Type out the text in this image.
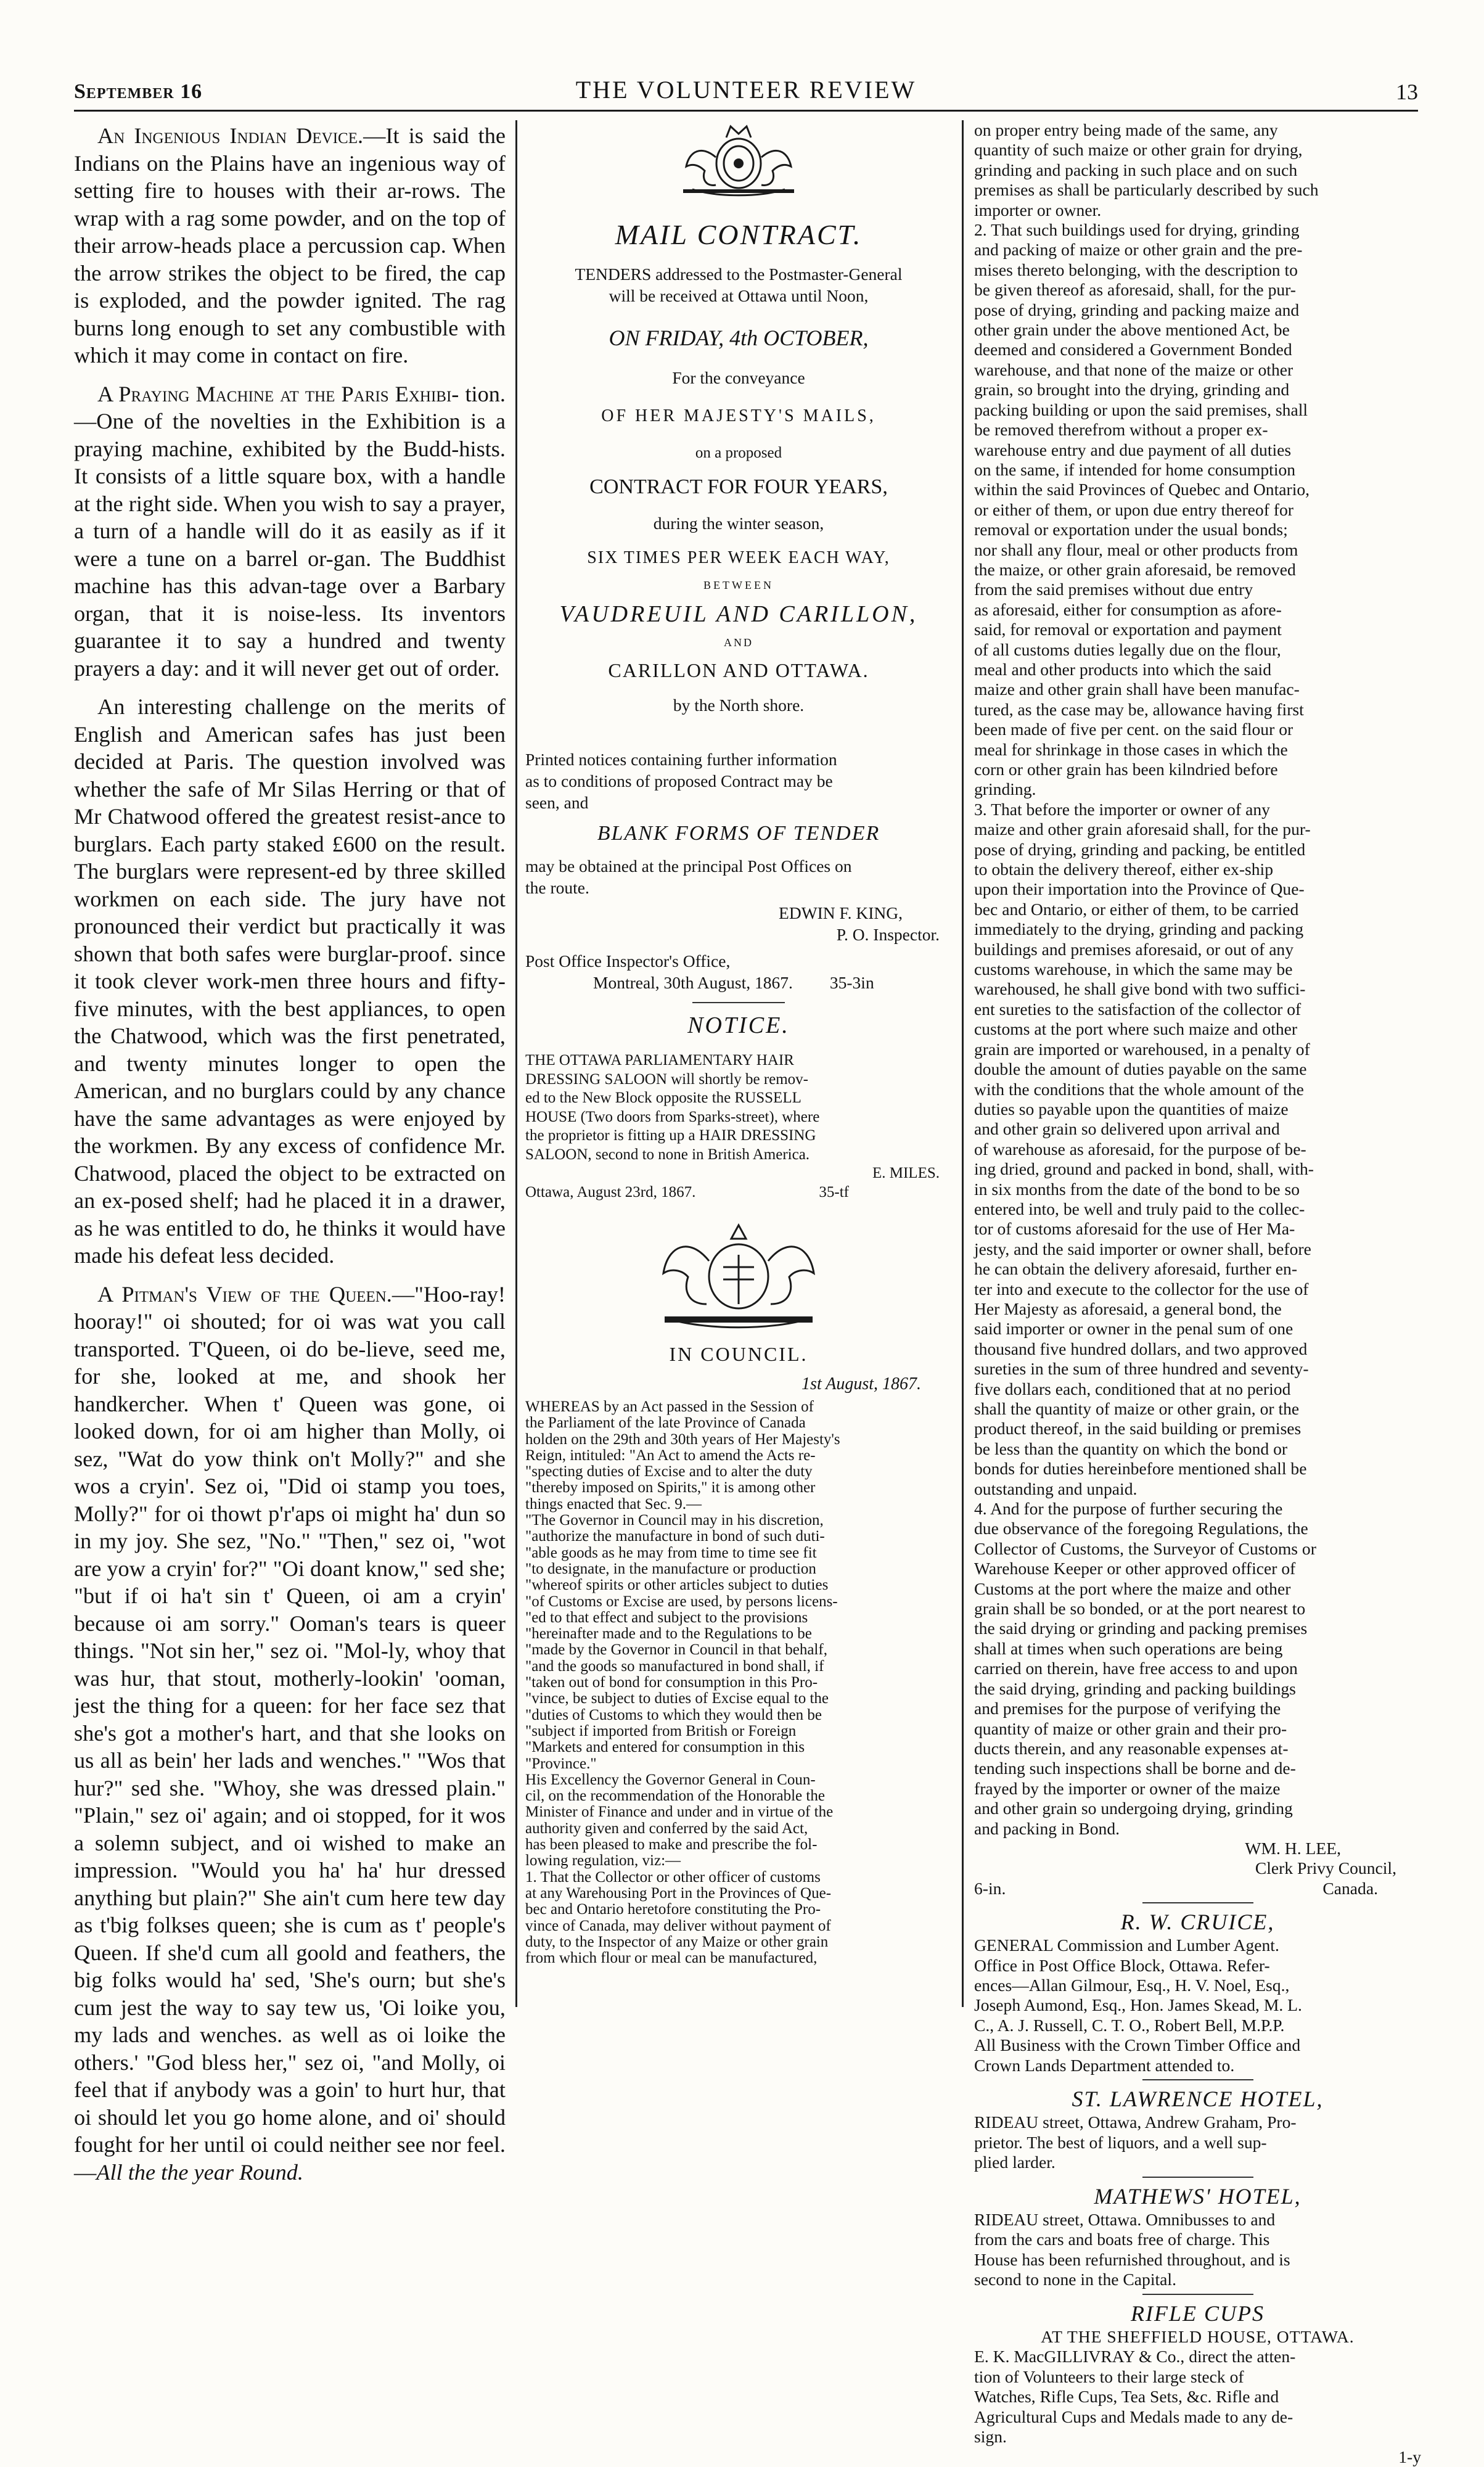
September 16	THE VOLUNTEER REVIEW	13

An Ingenious Indian Device.—It is said the Indians on the Plains have an ingenious way of setting fire to houses with their ar-rows. The wrap with a rag some powder, and on the top of their arrow-heads place a percussion cap. When the arrow strikes the object to be fired, the cap is exploded, and the powder ignited. The rag burns long enough to set any combustible with which it may come in contact on fire.

A Praying Machine at the Paris Exhibi- tion.—One of the novelties in the Exhibition is a praying machine, exhibited by the Budd-hists. It consists of a little square box, with a handle at the right side. When you wish to say a prayer, a turn of a handle will do it as easily as if it were a tune on a barrel or-gan. The Buddhist machine has this advan-tage over a Barbary organ, that it is noise-less. Its inventors guarantee it to say a hundred and twenty prayers a day: and it will never get out of order.

An interesting challenge on the merits of English and American safes has just been decided at Paris. The question involved was whether the safe of Mr Silas Herring or that of Mr Chatwood offered the greatest resist-ance to burglars. Each party staked £600 on the result. The burglars were represent-ed by three skilled workmen on each side. The jury have not pronounced their verdict but practically it was shown that both safes were burglar-proof. since it took clever work-men three hours and fifty-five minutes, with the best appliances, to open the Chatwood, which was the first penetrated, and twenty minutes longer to open the American, and no burglars could by any chance have the same advantages as were enjoyed by the workmen. By any excess of confidence Mr. Chatwood, placed the object to be extracted on an ex-posed shelf; had he placed it in a drawer, as he was entitled to do, he thinks it would have made his defeat less decided.

A Pitman's View of the Queen.—"Hoo-ray! hooray!" oi shouted; for oi was wat you call transported. T'Queen, oi do be-lieve, seed me, for she, looked at me, and shook her handkercher. When t' Queen was gone, oi looked down, for oi am higher than Molly, oi sez, "Wat do yow think on't Molly?" and she wos a cryin'. Sez oi, "Did oi stamp you toes, Molly?" for oi thowt p'r'aps oi might ha' dun so in my joy. She sez, "No." "Then," sez oi, "wot are yow a cryin' for?" "Oi doant know," sed she; "but if oi ha't sin t' Queen, oi am a cryin' because oi am sorry." Ooman's tears is queer things. "Not sin her," sez oi. "Mol-ly, whoy that was hur, that stout, motherly-lookin' 'ooman, jest the thing for a queen: for her face sez that she's got a mother's hart, and that she looks on us all as bein' her lads and wenches." "Wos that hur?" sed she. "Whoy, she was dressed plain." "Plain," sez oi' again; and oi stopped, for it wos a solemn subject, and oi wished to make an impression. "Would you ha' ha' hur dressed anything but plain?" She ain't cum here tew day as t'big folkses queen; she is cum as t' people's Queen. If she'd cum all goold and feathers, the big folks would ha' sed, 'She's ourn; but she's cum jest the way to say tew us, 'Oi loike you, my lads and wenches. as well as oi loike the others.' "God bless her," sez oi, "and Molly, oi feel that if anybody was a goin' to hurt hur, that oi should let you go home alone, and oi' should fought for her until oi could neither see nor feel.—All the the year Round.

MAIL CONTRACT.
TENDERS addressed to the Postmaster-General
will be received at Ottawa until Noon,
ON FRIDAY, 4th OCTOBER,
For the conveyance
OF HER MAJESTY'S MAILS,
on a proposed
CONTRACT FOR FOUR YEARS,
during the winter season,
SIX TIMES PER WEEK EACH WAY,
BETWEEN
VAUDREUIL AND CARILLON,
AND
CARILLON AND OTTAWA.
by the North shore.
Printed notices containing further information
as to conditions of proposed Contract may be
seen, and
BLANK FORMS OF TENDER
may be obtained at the principal Post Offices on
the route.
EDWIN F. KING,
P. O. Inspector.
Post Office Inspector's Office,
Montreal, 30th August, 1867. 35-3in
NOTICE.
THE OTTAWA PARLIAMENTARY HAIR
DRESSING SALOON will shortly be remov-
ed to the New Block opposite the RUSSELL
HOUSE (Two doors from Sparks-street), where
the proprietor is fitting up a HAIR DRESSING
SALOON, second to none in British America.
E. MILES.
Ottawa, August 23rd, 1867.	35-tf
IN COUNCIL.
1st August, 1867.
WHEREAS by an Act passed in the Session of
the Parliament of the late Province of Canada
holden on the 29th and 30th years of Her Majesty's
Reign, intituled: "An Act to amend the Acts re-
"specting duties of Excise and to alter the duty
"thereby imposed on Spirits," it is among other
things enacted that Sec. 9.—
"The Governor in Council may in his discretion,
"authorize the manufacture in bond of such duti-
"able goods as he may from time to time see fit
"to designate, in the manufacture or production
"whereof spirits or other articles subject to duties
"of Customs or Excise are used, by persons licens-
"ed to that effect and subject to the provisions
"hereinafter made and to the Regulations to be
"made by the Governor in Council in that behalf,
"and the goods so manufactured in bond shall, if
"taken out of bond for consumption in this Pro-
"vince, be subject to duties of Excise equal to the
"duties of Customs to which they would then be
"subject if imported from British or Foreign
"Markets and entered for consumption in this
"Province."
His Excellency the Governor General in Coun-
cil, on the recommendation of the Honorable the
Minister of Finance and under and in virtue of the
authority given and conferred by the said Act,
has been pleased to make and prescribe the fol-
lowing regulation, viz:—
1. That the Collector or other officer of customs
at any Warehousing Port in the Provinces of Que-
bec and Ontario heretofore constituting the Pro-
vince of Canada, may deliver without payment of
duty, to the Inspector of any Maize or other grain
from which flour or meal can be manufactured,

on proper entry being made of the same, any
quantity of such maize or other grain for drying,
grinding and packing in such place and on such
premises as shall be particularly described by such
importer or owner.
2. That such buildings used for drying, grinding
and packing of maize or other grain and the pre-
mises thereto belonging, with the description to
be given thereof as aforesaid, shall, for the pur-
pose of drying, grinding and packing maize and
other grain under the above mentioned Act, be
deemed and considered a Government Bonded
warehouse, and that none of the maize or other
grain, so brought into the drying, grinding and
packing building or upon the said premises, shall
be removed therefrom without a proper ex-
warehouse entry and due payment of all duties
on the same, if intended for home consumption
within the said Provinces of Quebec and Ontario,
or either of them, or upon due entry thereof for
removal or exportation under the usual bonds;
nor shall any flour, meal or other products from
the maize, or other grain aforesaid, be removed
from the said premises without due entry
as aforesaid, either for consumption as afore-
said, for removal or exportation and payment
of all customs duties legally due on the flour,
meal and other products into which the said
maize and other grain shall have been manufac-
tured, as the case may be, allowance having first
been made of five per cent. on the said flour or
meal for shrinkage in those cases in which the
corn or other grain has been kilndried before
grinding.
3. That before the importer or owner of any
maize and other grain aforesaid shall, for the pur-
pose of drying, grinding and packing, be entitled
to obtain the delivery thereof, either ex-ship
upon their importation into the Province of Que-
bec and Ontario, or either of them, to be carried
immediately to the drying, grinding and packing
buildings and premises aforesaid, or out of any
customs warehouse, in which the same may be
warehoused, he shall give bond with two suffici-
ent sureties to the satisfaction of the collector of
customs at the port where such maize and other
grain are imported or warehoused, in a penalty of
double the amount of duties payable on the same
with the conditions that the whole amount of the
duties so payable upon the quantities of maize
and other grain so delivered upon arrival and
of warehouse as aforesaid, for the purpose of be-
ing dried, ground and packed in bond, shall, with-
in six months from the date of the bond to be so
entered into, be well and truly paid to the collec-
tor of customs aforesaid for the use of Her Ma-
jesty, and the said importer or owner shall, before
he can obtain the delivery aforesaid, further en-
ter into and execute to the collector for the use of
Her Majesty as aforesaid, a general bond, the
said importer or owner in the penal sum of one
thousand five hundred dollars, and two approved
sureties in the sum of three hundred and seventy-
five dollars each, conditioned that at no period
shall the quantity of maize or other grain, or the
product thereof, in the said building or premises
be less than the quantity on which the bond or
bonds for duties hereinbefore mentioned shall be
outstanding and unpaid.
4. And for the purpose of further securing the
due observance of the foregoing Regulations, the
Collector of Customs, the Surveyor of Customs or
Warehouse Keeper or other approved officer of
Customs at the port where the maize and other
grain shall be so bonded, or at the port nearest to
the said drying or grinding and packing premises
shall at times when such operations are being
carried on therein, have free access to and upon
the said drying, grinding and packing buildings
and premises for the purpose of verifying the
quantity of maize or other grain and their pro-
ducts therein, and any reasonable expenses at-
tending such inspections shall be borne and de-
frayed by the importer or owner of the maize
and other grain so undergoing drying, grinding
and packing in Bond.

WM. H. LEE,
Clerk Privy Council,
6-in.	Canada.
R. W. CRUICE,

GENERAL Commission and Lumber Agent.
Office in Post Office Block, Ottawa. Refer-
ences—Allan Gilmour, Esq., H. V. Noel, Esq.,
Joseph Aumond, Esq., Hon. James Skead, M. L.
C., A. J. Russell, C. T. O., Robert Bell, M.P.P.
All Business with the Crown Timber Office and
Crown Lands Department attended to.

ST. LAWRENCE HOTEL,

RIDEAU street, Ottawa, Andrew Graham, Pro-
prietor. The best of liquors, and a well sup-
plied larder.

MATHEWS' HOTEL,

RIDEAU street, Ottawa. Omnibusses to and
from the cars and boats free of charge. This
House has been refurnished throughout, and is
second to none in the Capital.

RIFLE CUPS
AT THE SHEFFIELD HOUSE, OTTAWA.

E. K. MacGILLIVRAY & Co., direct the atten-
tion of Volunteers to their large steck of
Watches, Rifle Cups, Tea Sets, &c. Rifle and
Agricultural Cups and Medals made to any de-
sign.

1-y
